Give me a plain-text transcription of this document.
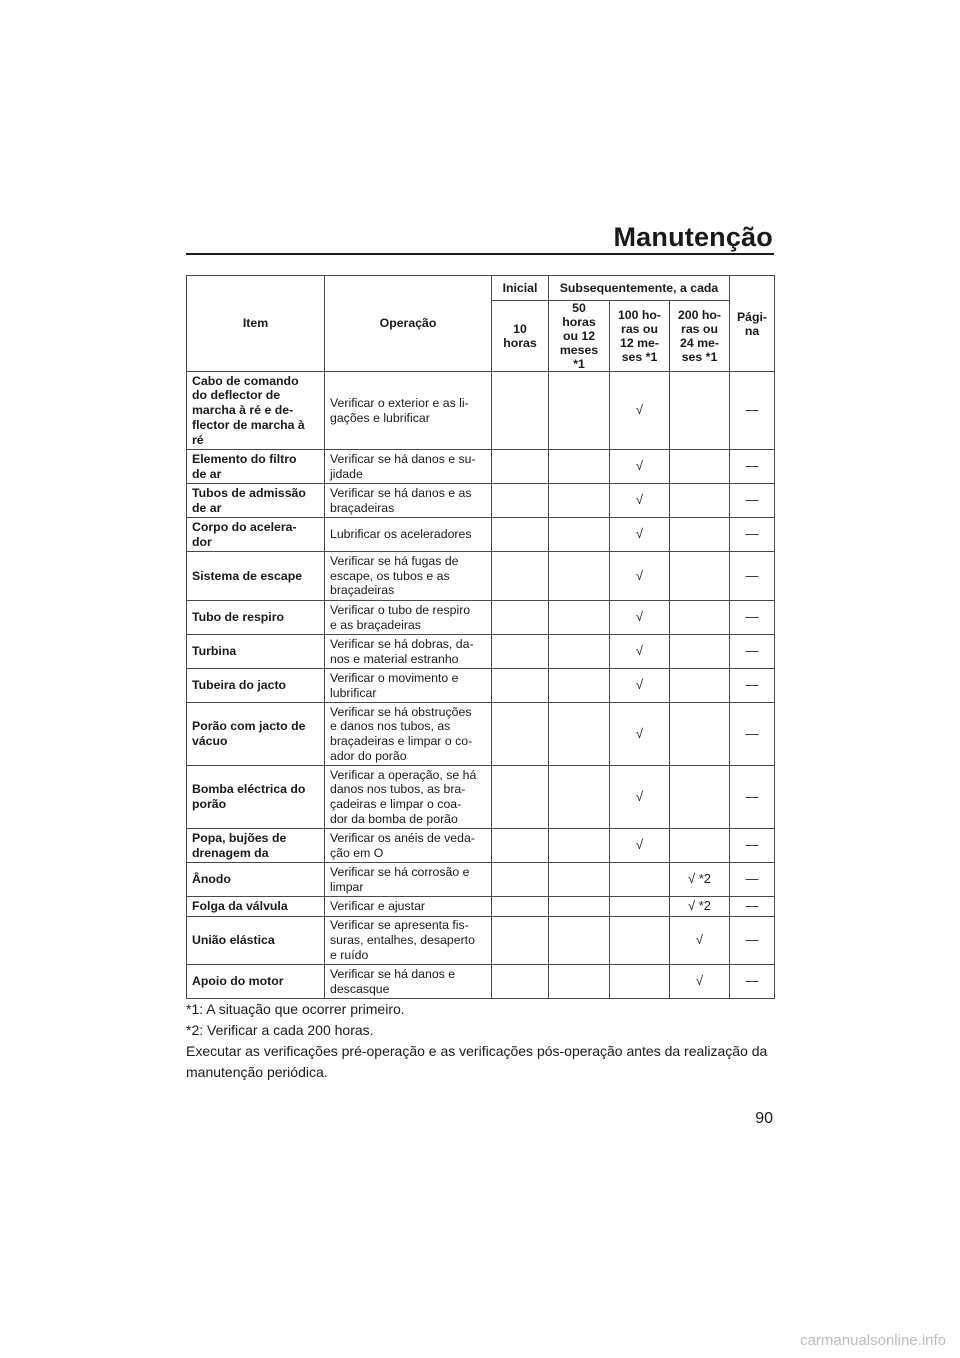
Manutenção
Item	Operação	Inicial	Subsequentemente, a cada			Pági-
na
		10 horas	50 horas
ou 12
meses
*1	100 ho-
ras ou
12 me-
ses *1	200 ho-
ras ou
24 me-
ses *1	
Cabo de comando
do deflector de
marcha à ré e de-
flector de marcha à
ré	Verificar o exterior e as li-
gações e lubrificar			√		—
Elemento do filtro
de ar	Verificar se há danos e su-
jidade			√		—
Tubos de admissão
de ar	Verificar se há danos e as
braçadeiras			√		—
Corpo do acelera-
dor	Lubrificar os aceleradores			√		—
Sistema de escape	Verificar se há fugas de
escape, os tubos e as
braçadeiras			√		—
Tubo de respiro	Verificar o tubo de respiro
e as braçadeiras			√		—
Turbina	Verificar se há dobras, da-
nos e material estranho			√		—
Tubeira do jacto	Verificar o movimento e
lubrificar			√		—
Porão com jacto de
vácuo	Verificar se há obstruções
e danos nos tubos, as
braçadeiras e limpar o co-
ador do porão			√		—
Bomba eléctrica do
porão	Verificar a operação, se há
danos nos tubos, as bra-
çadeiras e limpar o coa-
dor da bomba de porão			√		—
Popa, bujões de
drenagem da	Verificar os anéis de veda-
ção em O			√		—
Ânodo	Verificar se há corrosão e
limpar				√ *2	—
Folga da válvula	Verificar e ajustar				√ *2	—
União elástica	Verificar se apresenta fis-
suras, entalhes, desaperto
e ruído				√	—
Apoio do motor	Verificar se há danos e
descasque				√	—

*1: A situação que ocorrer primeiro.

*2: Verificar a cada 200 horas.

Executar as verificações pré-operação e as verificações pós-operação antes da realização da manutenção periódica.

90
carmanualsonline.info
